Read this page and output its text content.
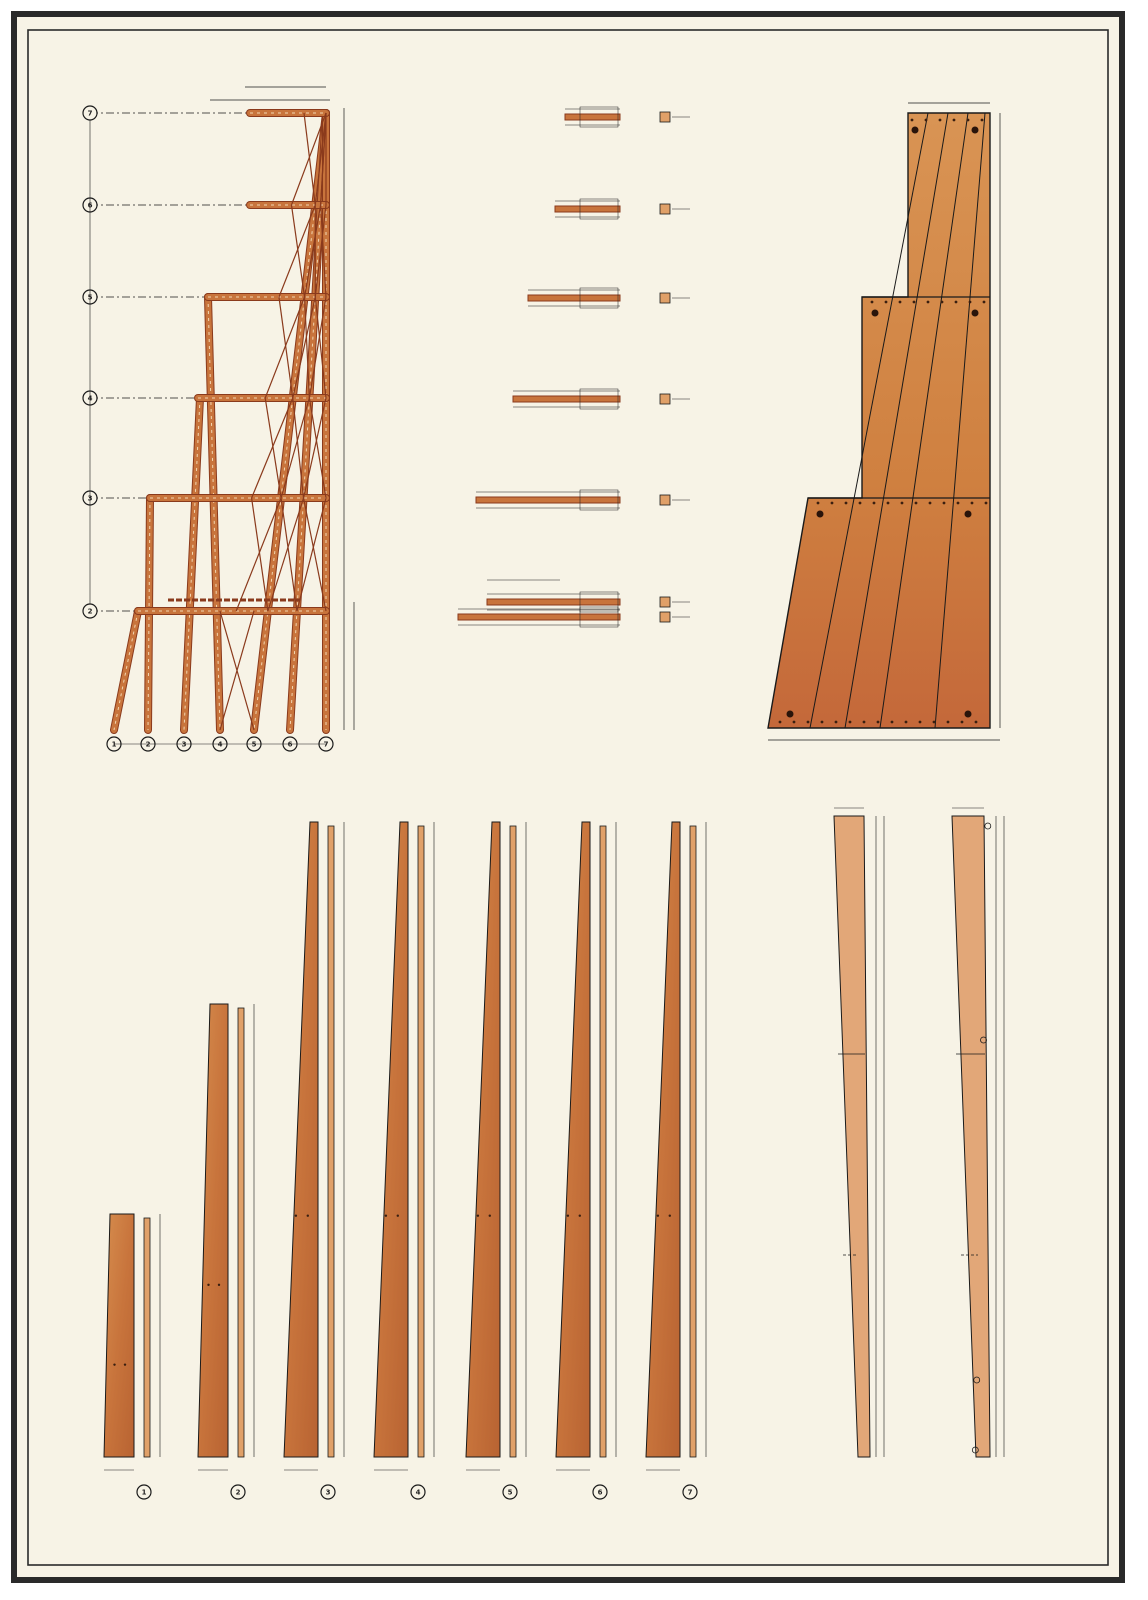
7
6
5
4
3
2
1	2	3	4	5	6	7
1	2	3	4	5	6	7
